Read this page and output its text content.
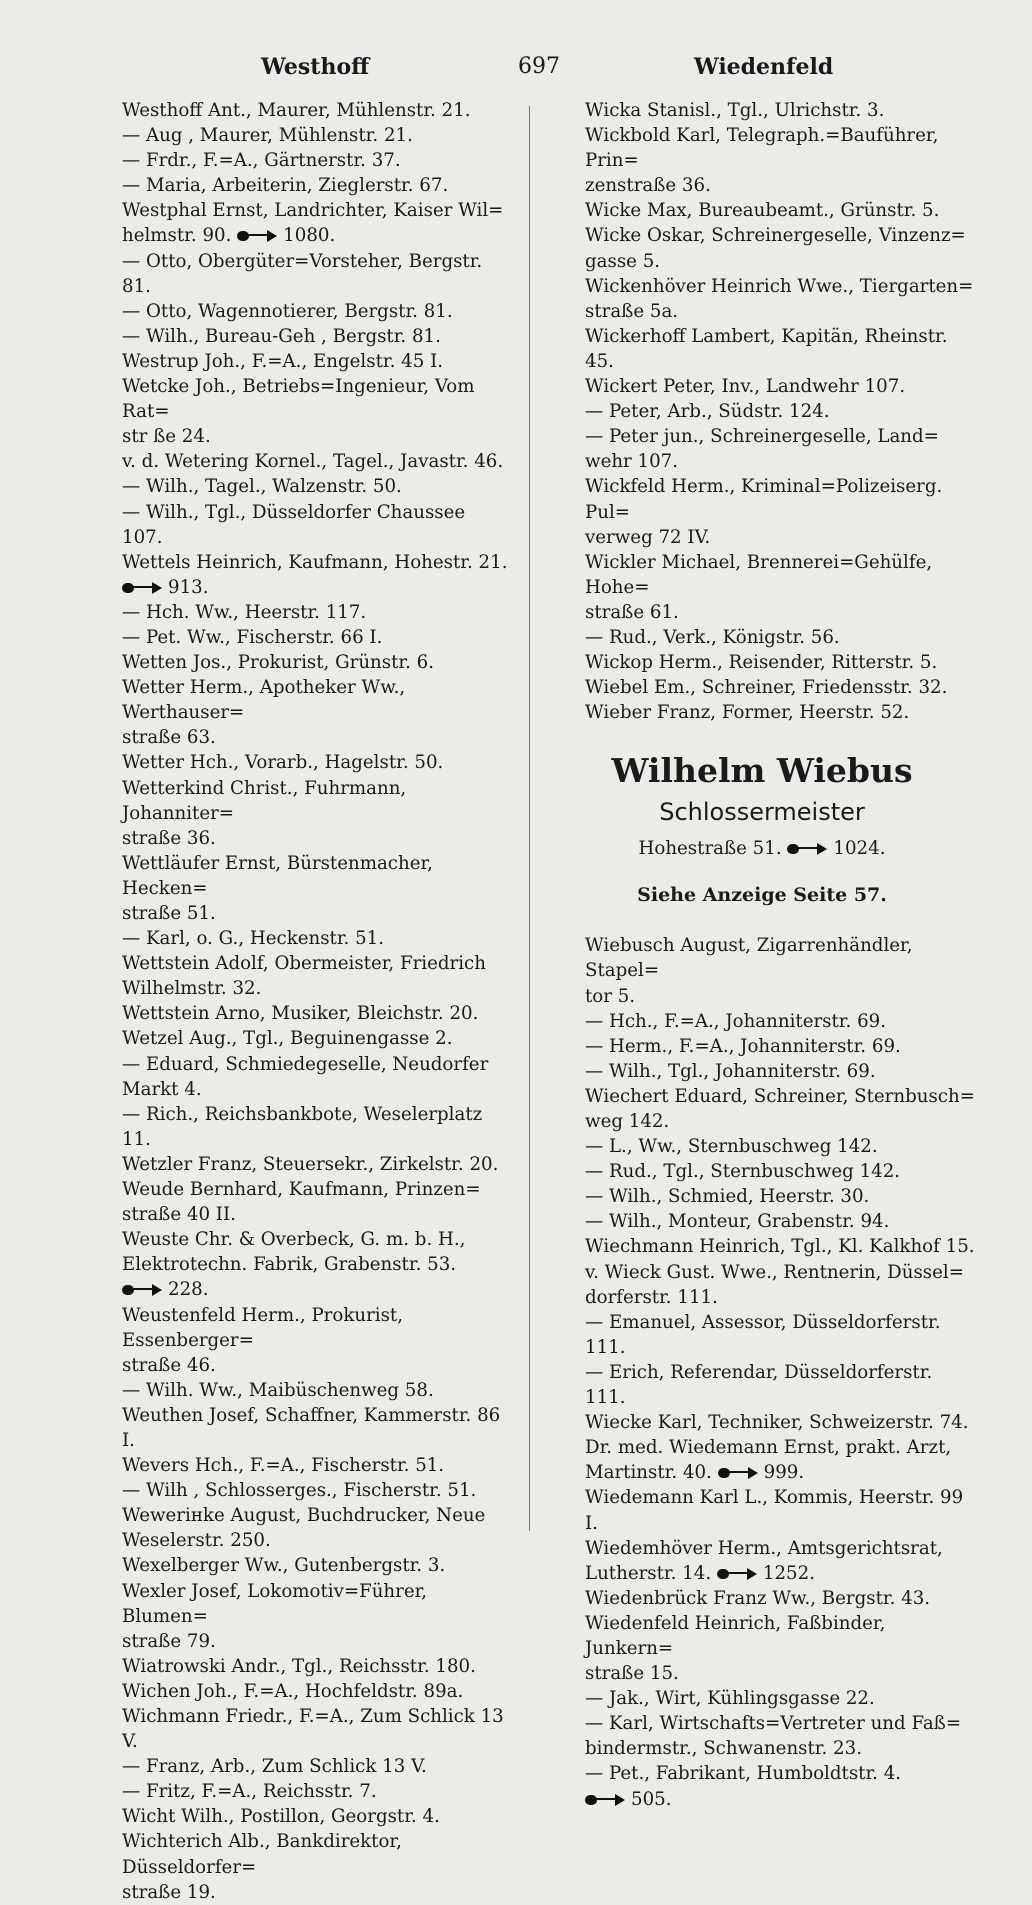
Westhoff	697	Wiedenfeld
Westhoff Ant., Maurer, Mühlenstr. 21.
— Aug , Maurer, Mühlenstr. 21.
— Frdr., F.=A., Gärtnerstr. 37.
— Maria, Arbeiterin, Zieglerstr. 67.
Westphal Ernst, Landrichter, Kaiser Wil=
helmstr. 90.	1080.
— Otto, Obergüter=Vorsteher, Bergstr. 81.
— Otto, Wagennotierer, Bergstr. 81.
— Wilh., Bureau-Geh , Bergstr. 81.
Westrup Joh., F.=A., Engelstr. 45 I.
Wetcke Joh., Betriebs=Ingenieur, Vom Rat=
str ße 24.
v. d. Wetering Kornel., Tagel., Javastr. 46.
— Wilh., Tagel., Walzenstr. 50.
— Wilh., Tgl., Düsseldorfer Chaussee 107.
Wettels Heinrich, Kaufmann, Hohestr. 21.
913.
— Hch. Ww., Heerstr. 117.
— Pet. Ww., Fischerstr. 66 I.
Wetten Jos., Prokurist, Grünstr. 6.
Wetter Herm., Apotheker Ww., Werthauser=
straße 63.
Wetter Hch., Vorarb., Hagelstr. 50.
Wetterkind Christ., Fuhrmann, Johanniter=
straße 36.
Wettläufer Ernst, Bürstenmacher, Hecken=
straße 51.
— Karl, o. G., Heckenstr. 51.
Wettstein Adolf, Obermeister, Friedrich
Wilhelmstr. 32.
Wettstein Arno, Musiker, Bleichstr. 20.
Wetzel Aug., Tgl., Beguinengasse 2.
— Eduard, Schmiedegeselle, Neudorfer
Markt 4.
— Rich., Reichsbankbote, Weselerplatz 11.
Wetzler Franz, Steuersekr., Zirkelstr. 20.
Weude Bernhard, Kaufmann, Prinzen=
straße 40 II.
Weuste Chr. & Overbeck, G. m. b. H.,
Elektrotechn. Fabrik, Grabenstr. 53.
228.
Weustenfeld Herm., Prokurist, Essenberger=
straße 46.
— Wilh. Ww., Maibüschenweg 58.
Weuthen Josef, Schaffner, Kammerstr. 86 I.
Wevers Hch., F.=A., Fischerstr. 51.
— Wilh , Schlosserges., Fischerstr. 51.
Weweriнke August, Buchdrucker, Neue
Weselerstr. 250.
Wexelberger Ww., Gutenbergstr. 3.
Wexler Josef, Lokomotiv=Führer, Blumen=
straße 79.
Wiatrowski Andr., Tgl., Reichsstr. 180.
Wichen Joh., F.=A., Hochfeldstr. 89a.
Wichmann Friedr., F.=A., Zum Schlick 13 V.
— Franz, Arb., Zum Schlick 13 V.
— Fritz, F.=A., Reichsstr. 7.
Wicht Wilh., Postillon, Georgstr. 4.
Wichterich Alb., Bankdirektor, Düsseldorfer=
straße 19.
Wicka Stanisl., Tgl., Ulrichstr. 3.
Wickbold Karl, Telegraph.=Bauführer, Prin=
zenstraße 36.
Wicke Max, Bureaubeamt., Grünstr. 5.
Wicke Oskar, Schreinergeselle, Vinzenz=
gasse 5.
Wickenhöver Heinrich Wwe., Tiergarten=
straße 5a.
Wickerhoff Lambert, Kapitän, Rheinstr. 45.
Wickert Peter, Inv., Landwehr 107.
— Peter, Arb., Südstr. 124.
— Peter jun., Schreinergeselle, Land=
wehr 107.
Wickfeld Herm., Kriminal=Polizeiserg. Pul=
verweg 72 IV.
Wickler Michael, Brennerei=Gehülfe, Hohe=
straße 61.
— Rud., Verk., Königstr. 56.
Wickop Herm., Reisender, Ritterstr. 5.
Wiebel Em., Schreiner, Friedensstr. 32.
Wieber Franz, Former, Heerstr. 52.
Wilhelm Wiebus
Schlossermeister
Hohestraße 51.	1024.
Siehe Anzeige Seite 57.
Wiebusch August, Zigarrenhändler, Stapel=
tor 5.
— Hch., F.=A., Johanniterstr. 69.
— Herm., F.=A., Johanniterstr. 69.
— Wilh., Tgl., Johanniterstr. 69.
Wiechert Eduard, Schreiner, Sternbusch=
weg 142.
— L., Ww., Sternbuschweg 142.
— Rud., Tgl., Sternbuschweg 142.
— Wilh., Schmied, Heerstr. 30.
— Wilh., Monteur, Grabenstr. 94.
Wiechmann Heinrich, Tgl., Kl. Kalkhof 15.
v. Wieck Gust. Wwe., Rentnerin, Düssel=
dorferstr. 111.
— Emanuel, Assessor, Düsseldorferstr. 111.
— Erich, Referendar, Düsseldorferstr. 111.
Wiecke Karl, Techniker, Schweizerstr. 74.
Dr. med. Wiedemann Ernst, prakt. Arzt,
Martinstr. 40.	999.
Wiedemann Karl L., Kommis, Heerstr. 99 I.
Wiedemhöver Herm., Amtsgerichtsrat,
Lutherstr. 14.	1252.
Wiedenbrück Franz Ww., Bergstr. 43.
Wiedenfeld Heinrich, Faßbinder, Junkern=
straße 15.
— Jak., Wirt, Kühlingsgasse 22.
— Karl, Wirtschafts=Vertreter und Faß=
bindermstr., Schwanenstr. 23.
— Pet., Fabrikant, Humboldtstr. 4.
505.
